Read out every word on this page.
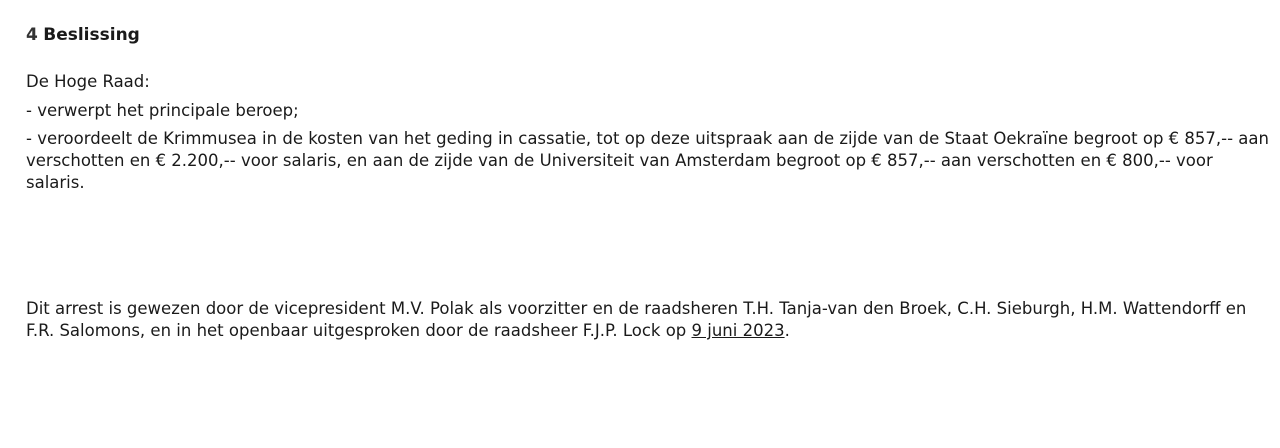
4 Beslissing

De Hoge Raad:

- verwerpt het principale beroep;

- veroordeelt de Krimmusea in de kosten van het geding in cassatie, tot op deze uitspraak aan de zijde van de Staat Oekraïne begroot op € 857,-- aan

verschotten en € 2.200,-- voor salaris, en aan de zijde van de Universiteit van Amsterdam begroot op € 857,-- aan verschotten en € 800,-- voor

salaris.

Dit arrest is gewezen door de vicepresident M.V. Polak als voorzitter en de raadsheren T.H. Tanja-van den Broek, C.H. Sieburgh, H.M. Wattendorff en

F.R. Salomons, en in het openbaar uitgesproken door de raadsheer F.J.P. Lock op 9 juni 2023.
